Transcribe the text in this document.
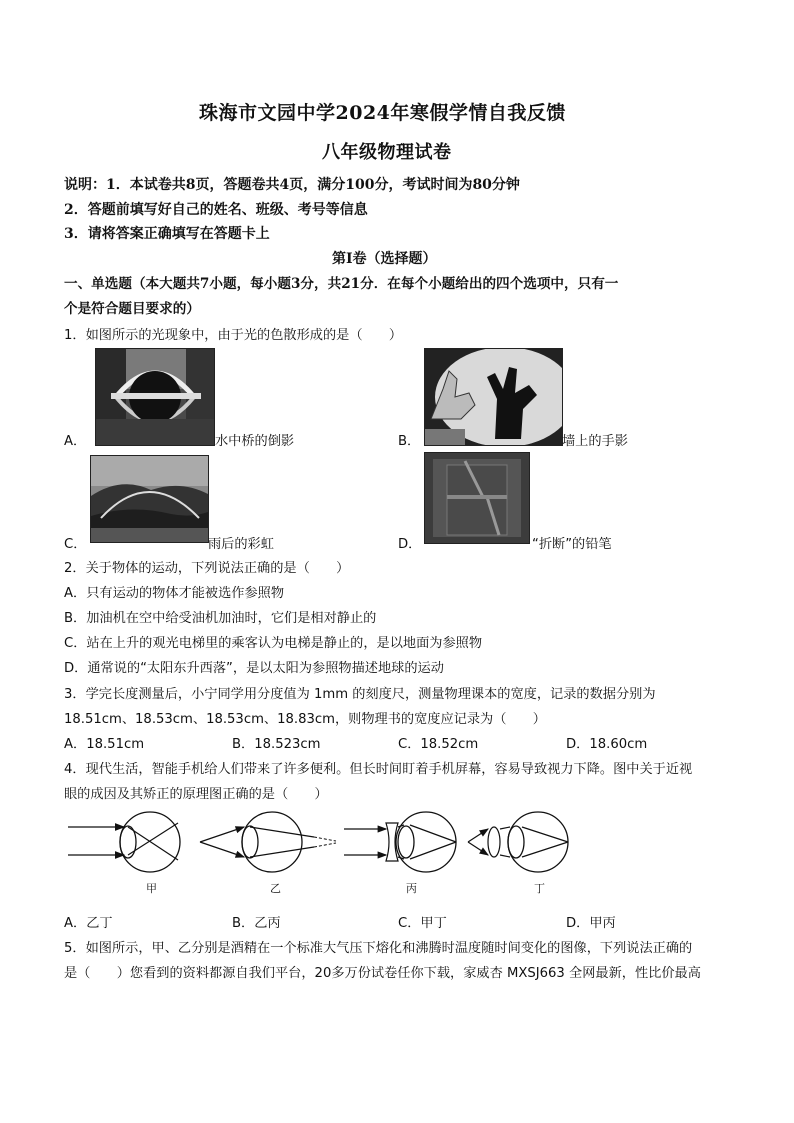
珠海市文园中学2024年寒假学情自我反馈
八年级物理试卷
说明：1．本试卷共8页，答题卷共4页，满分100分，考试时间为80分钟
2．答题前填写好自己的姓名、班级、考号等信息
3．请将答案正确填写在答题卡上
第Ⅰ卷（选择题）
一、单选题（本大题共7小题，每小题3分，共21分．在每个小题给出的四个选项中，只有一
个是符合题目要求的）
1．如图所示的光现象中，由于光的色散形成的是（　　）
A．	水中桥的倒影	B．	墙上的手影
C．	雨后的彩虹	D．	“折断”的铅笔
2．关于物体的运动，下列说法正确的是（　　）
A．只有运动的物体才能被选作参照物
B．加油机在空中给受油机加油时，它们是相对静止的
C．站在上升的观光电梯里的乘客认为电梯是静止的，是以地面为参照物
D．通常说的“太阳东升西落”，是以太阳为参照物描述地球的运动
3．学完长度测量后，小宁同学用分度值为 1mm 的刻度尺，测量物理课本的宽度，记录的数据分别为
18.51cm、18.53cm、18.53cm、18.83cm，则物理书的宽度应记录为（　　）
A．18.51cm	B．18.523cm	C．18.52cm	D．18.60cm
4．现代生活，智能手机给人们带来了许多便利。但长时间盯着手机屏幕，容易导致视力下降。图中关于近视
眼的成因及其矫正的原理图正确的是（　　）
甲	乙	丙	丁
A．乙丁	B．乙丙	C．甲丁	D．甲丙
5．如图所示，甲、乙分别是酒精在一个标准大气压下熔化和沸腾时温度随时间变化的图像，下列说法正确的
是（　　）您看到的资料都源自我们平台，20多万份试卷任你下载，家威杏 MXSJ663 全网最新，性比价最高
